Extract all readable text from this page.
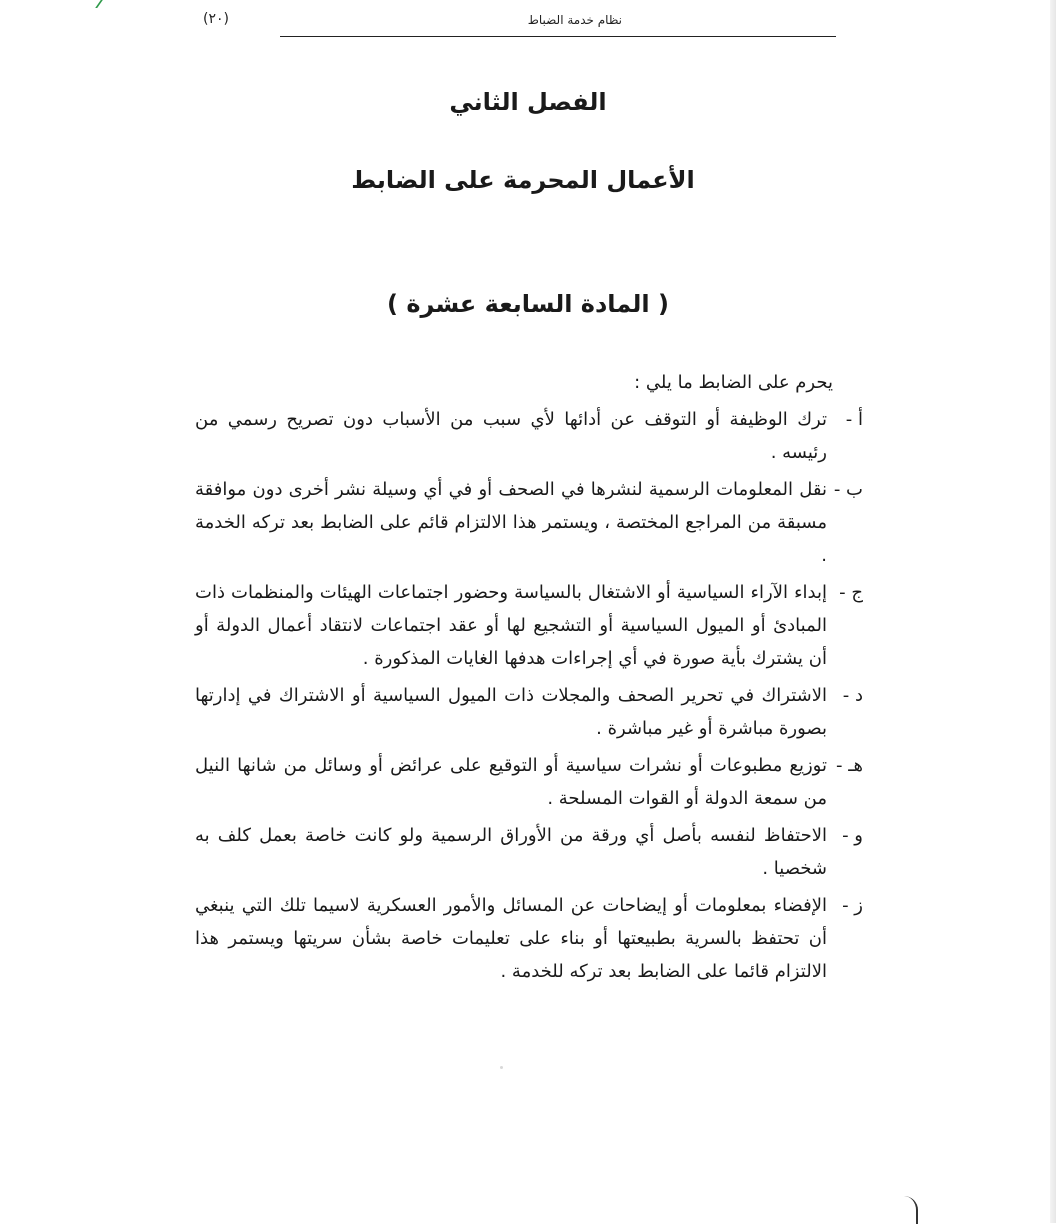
نظام خدمة الضباط
(٢٠)
الفصل الثاني
الأعمال المحرمة على الضابط
( المادة السابعة عشرة )

يحرم على الضابط ما يلي :

أ -
ترك الوظيفة أو التوقف عن أدائها لأي سبب من الأسباب دون تصريح رسمي من رئيسه .

ب -
نقل المعلومات الرسمية لنشرها في الصحف أو في أي وسيلة نشر أخرى دون موافقة مسبقة من المراجع المختصة ، ويستمر هذا الالتزام قائم على الضابط بعد تركه الخدمة .

ج -
إبداء الآراء السياسية أو الاشتغال بالسياسة وحضور اجتماعات الهيئات والمنظمات ذات المبادئ أو الميول السياسية أو التشجيع لها أو عقد اجتماعات لانتقاد أعمال الدولة أو أن يشترك بأية صورة في أي إجراءات هدفها الغايات المذكورة .

د -
الاشتراك في تحرير الصحف والمجلات ذات الميول السياسية أو الاشتراك في إدارتها بصورة مباشرة أو غير مباشرة .

هـ -
توزيع مطبوعات أو نشرات سياسية أو التوقيع على عرائض أو وسائل من شانها النيل من سمعة الدولة أو القوات المسلحة .

و -
الاحتفاظ لنفسه بأصل أي ورقة من الأوراق الرسمية ولو كانت خاصة بعمل كلف به شخصيا .

ز -
الإفضاء بمعلومات أو إيضاحات عن المسائل والأمور العسكرية لاسيما تلك التي ينبغي أن تحتفظ بالسرية بطبيعتها أو بناء على تعليمات خاصة بشأن سريتها ويستمر هذا الالتزام قائما على الضابط بعد تركه للخدمة .
